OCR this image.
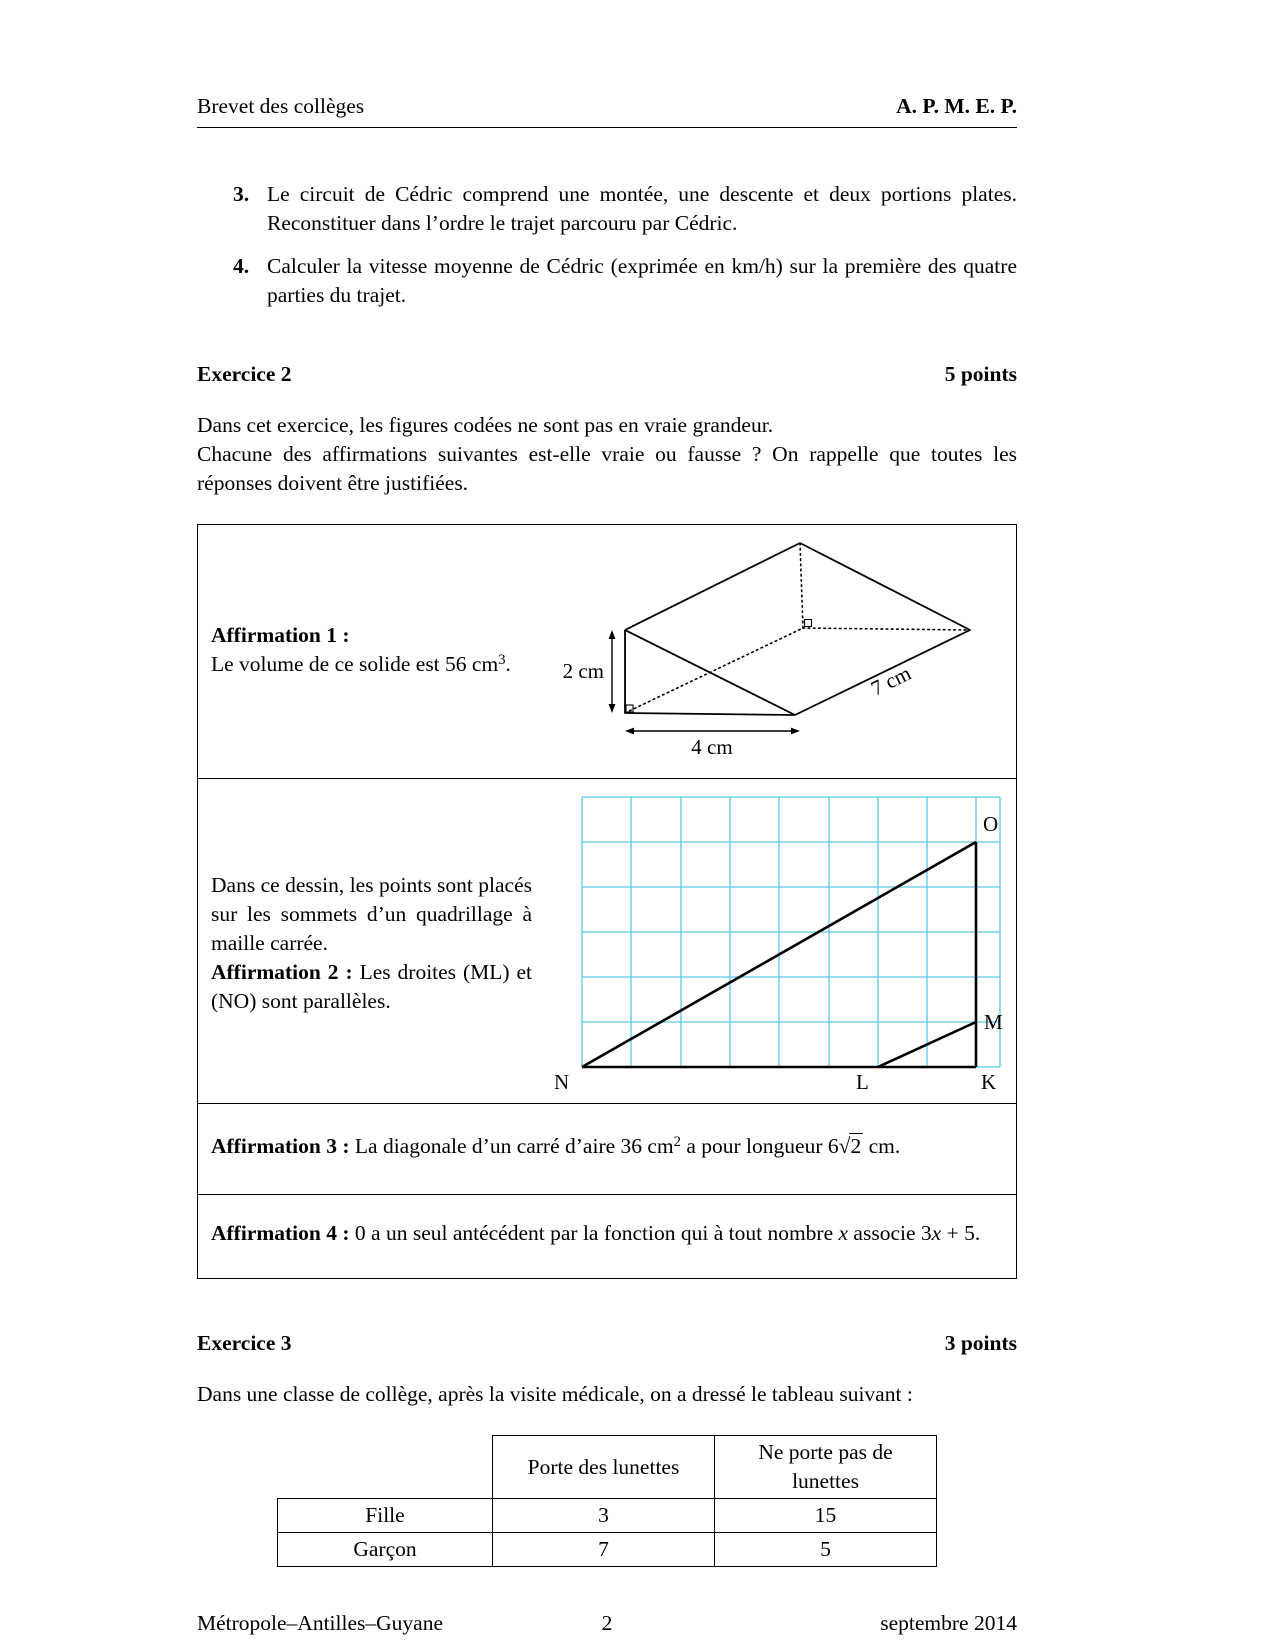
Brevet des collèges	A. P. M. E. P.
3. Le circuit de Cédric comprend une montée, une descente et deux portions plates. Reconstituer dans l’ordre le trajet parcouru par Cédric.
4. Calculer la vitesse moyenne de Cédric (exprimée en km/h) sur la première des quatre parties du trajet.
Exercice 2	5 points

Dans cet exercice, les figures codées ne sont pas en vraie grandeur.

Chacune des affirmations suivantes est-elle vraie ou fausse ? On rappelle que toutes les réponses doivent être justifiées.

Affirmation 1 :
Le volume de ce solide est 56 $cm^3$.	2 cm
4 cm
7 cm

Dans ce dessin, les points sont placés sur les sommets d’un quadrillage à maille carrée.

Affirmation 2 : Les droites (ML) et (NO) sont parallèles.

O
M
N	L	K
Affirmation 3 : La diagonale d’un carré d’aire 36 $cm^2$ a pour longueur 6√2 cm.
Affirmation 4 : 0 a un seul antécédent par la fonction qui à tout nombre x associe 3x + 5.
Exercice 3	3 points

Dans une classe de collège, après la visite médicale, on a dressé le tableau suivant :

	Porte des lunettes	Ne porte pas de lunettes
Fille	3	15
Garçon	7	5
Métropole–Antilles–Guyane	2	septembre 2014
